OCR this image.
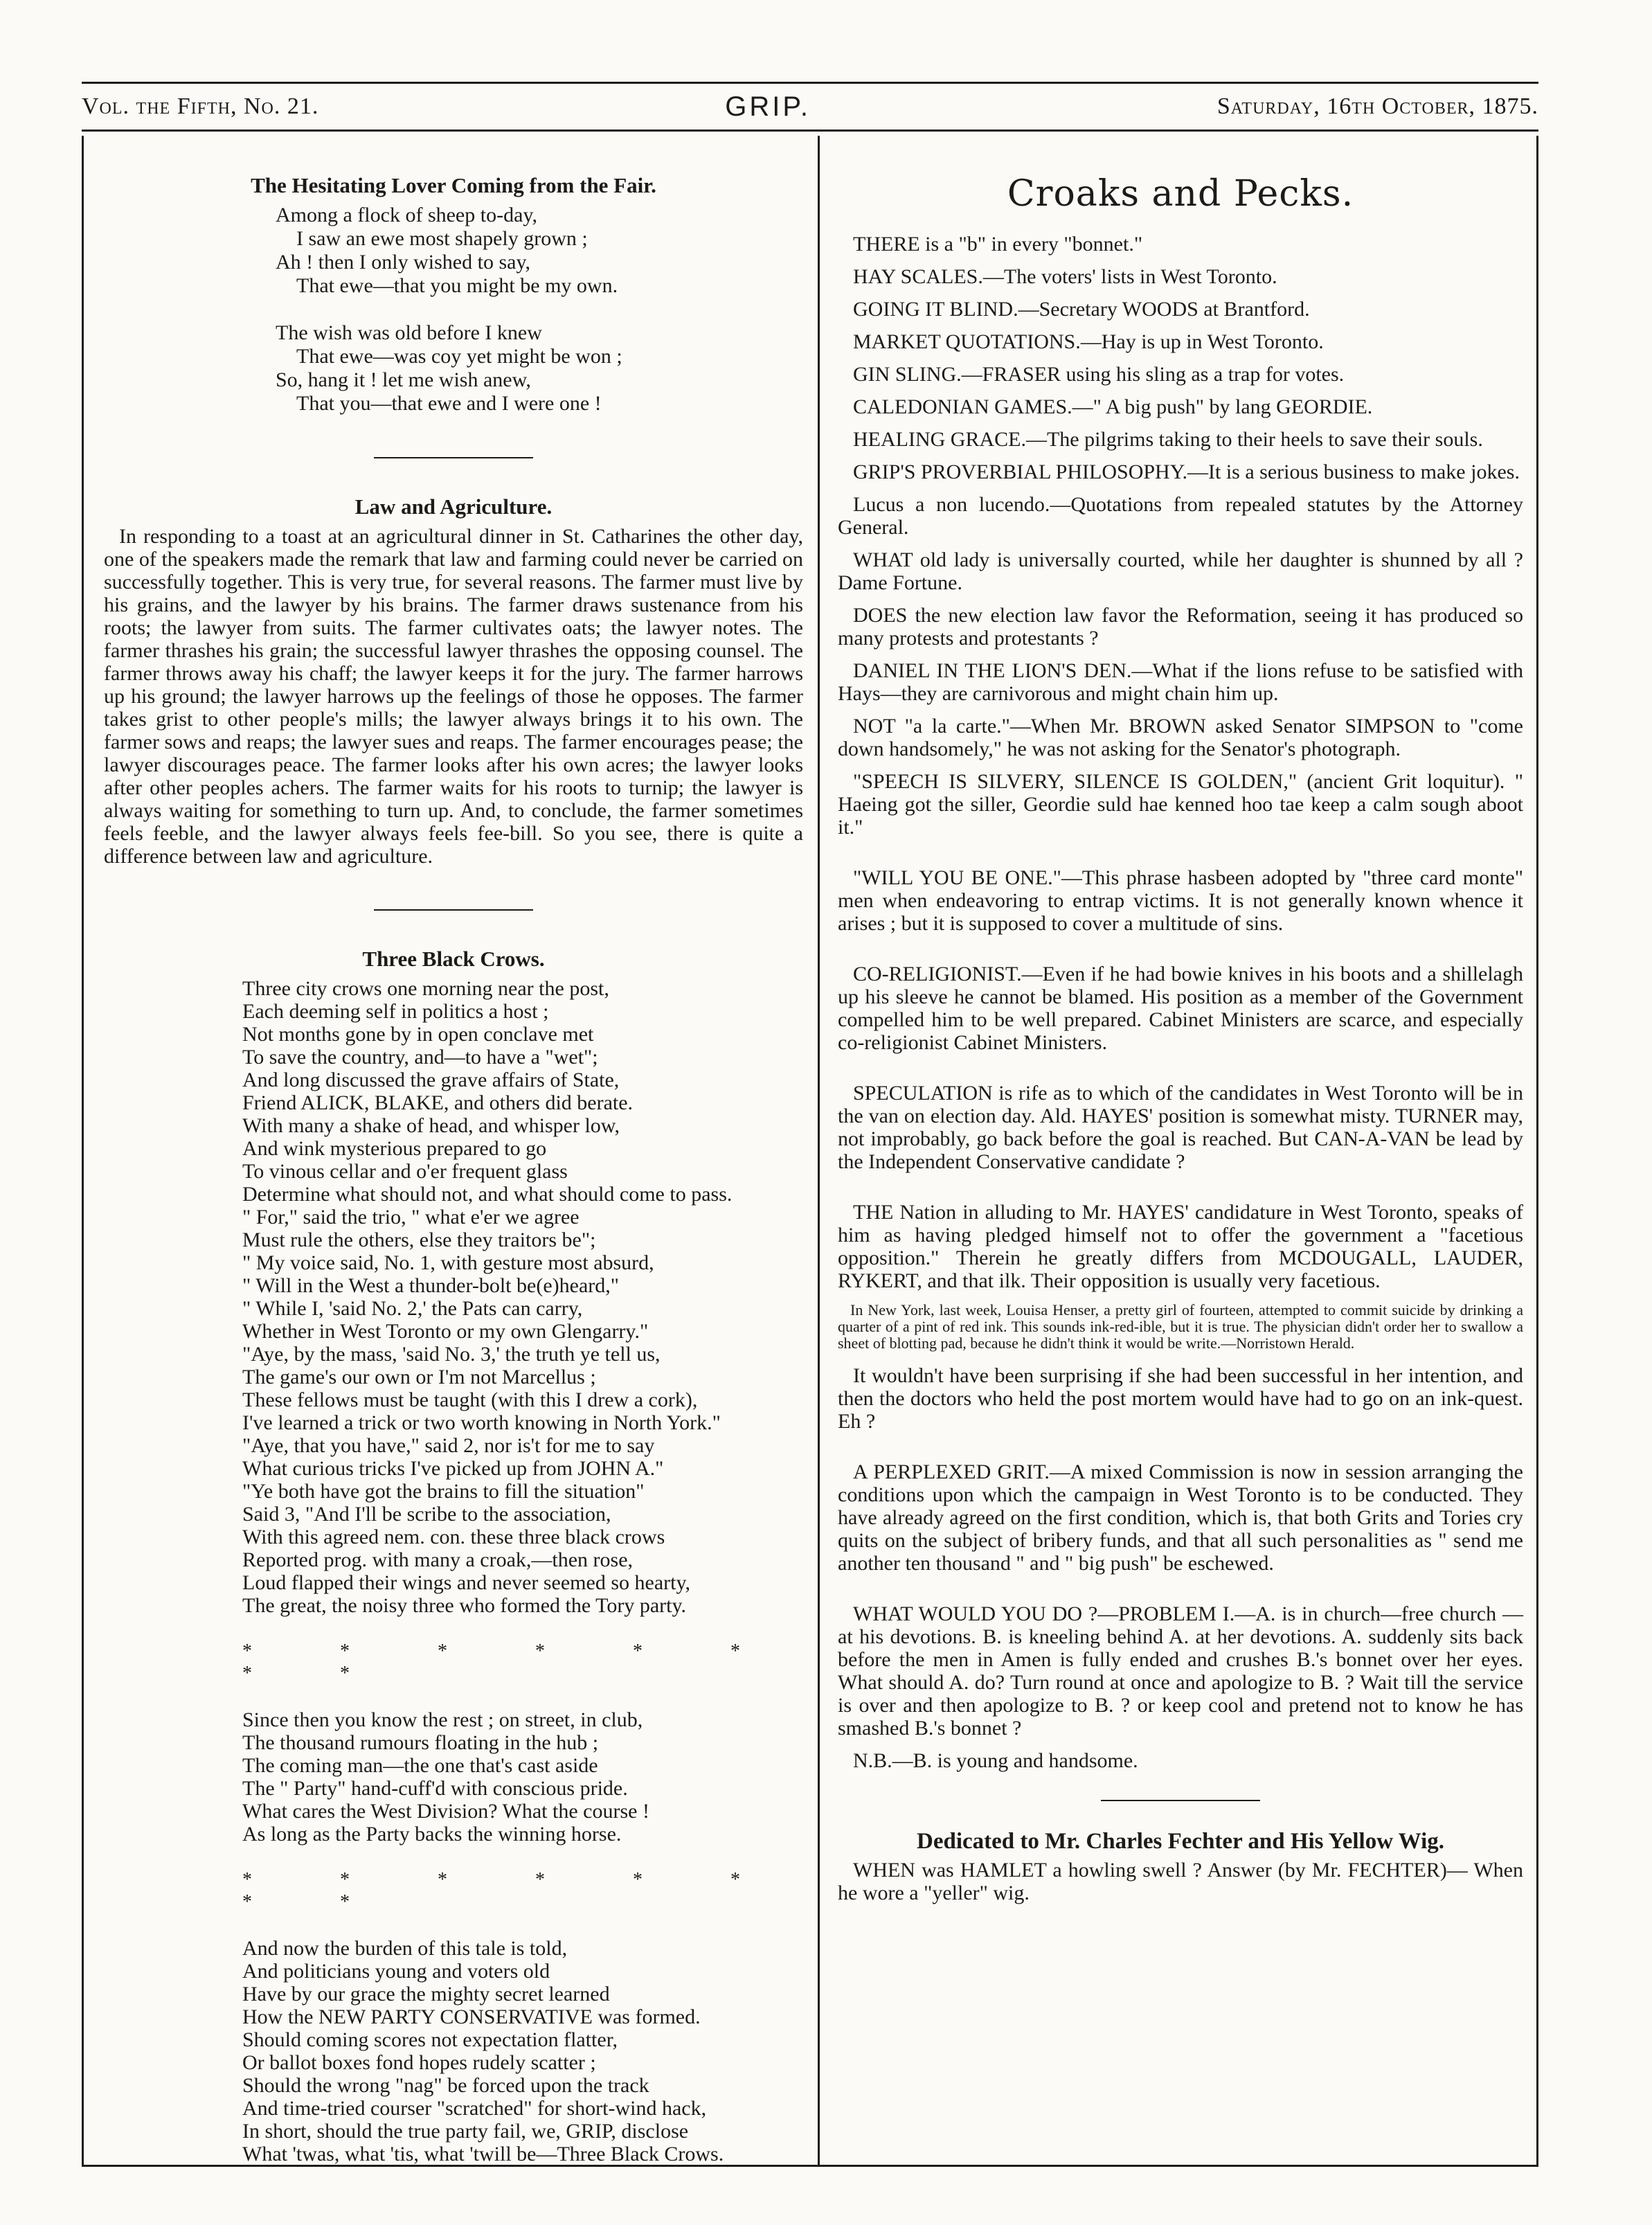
Vol. the Fifth, No. 21.	GRIP.	Saturday, 16th October, 1875.
The Hesitating Lover Coming from the Fair.
Among a flock of sheep to-day,
I saw an ewe most shapely grown ;
Ah ! then I only wished to say,
That ewe—that you might be my own.
The wish was old before I knew
That ewe—was coy yet might be won ;
So, hang it ! let me wish anew,
That you—that ewe and I were one !
Law and Agriculture.

In responding to a toast at an agricultural dinner in St. Catharines the other day, one of the speakers made the remark that law and farming could never be carried on successfully together. This is very true, for several reasons. The farmer must live by his grains, and the lawyer by his brains. The farmer draws sustenance from his roots; the lawyer from suits. The farmer cultivates oats; the lawyer notes. The farmer thrashes his grain; the successful lawyer thrashes the opposing counsel. The farmer throws away his chaff; the lawyer keeps it for the jury. The farmer harrows up his ground; the lawyer harrows up the feelings of those he opposes. The farmer takes grist to other people's mills; the lawyer always brings it to his own. The farmer sows and reaps; the lawyer sues and reaps. The farmer encourages pease; the lawyer discourages peace. The farmer looks after his own acres; the lawyer looks after other peoples achers. The farmer waits for his roots to turnip; the lawyer is always waiting for something to turn up. And, to conclude, the farmer sometimes feels feeble, and the lawyer always feels fee-bill. So you see, there is quite a difference between law and agriculture.

Three Black Crows.
Three city crows one morning near the post,
Each deeming self in politics a host ;
Not months gone by in open conclave met
To save the country, and—to have a "wet";
And long discussed the grave affairs of State,
Friend ALICK, BLAKE, and others did berate.
With many a shake of head, and whisper low,
And wink mysterious prepared to go
To vinous cellar and o'er frequent glass
Determine what should not, and what should come to pass.
" For," said the trio, " what e'er we agree
Must rule the others, else they traitors be";
" My voice said, No. 1, with gesture most absurd,
" Will in the West a thunder-bolt be(e)heard,"
" While I, 'said No. 2,' the Pats can carry,
Whether in West Toronto or my own Glengarry."
"Aye, by the mass, 'said No. 3,' the truth ye tell us,
The game's our own or I'm not Marcellus ;
These fellows must be taught (with this I drew a cork),
I've learned a trick or two worth knowing in North York."
"Aye, that you have," said 2, nor is't for me to say
What curious tricks I've picked up from JOHN A."
"Ye both have got the brains to fill the situation"
Said 3, "And I'll be scribe to the association,
With this agreed nem. con. these three black crows
Reported prog. with many a croak,—then rose,
Loud flapped their wings and never seemed so hearty,
The great, the noisy three who formed the Tory party.
* * * * * * * *
Since then you know the rest ; on street, in club,
The thousand rumours floating in the hub ;
The coming man—the one that's cast aside
The " Party" hand-cuff'd with conscious pride.
What cares the West Division? What the course !
As long as the Party backs the winning horse.
* * * * * * * *
And now the burden of this tale is told,
And politicians young and voters old
Have by our grace the mighty secret learned
How the NEW PARTY CONSERVATIVE was formed.
Should coming scores not expectation flatter,
Or ballot boxes fond hopes rudely scatter ;
Should the wrong "nag" be forced upon the track
And time-tried courser "scratched" for short-wind hack,
In short, should the true party fail, we, GRIP, disclose
What 'twas, what 'tis, what 'twill be—Three Black Crows.
Croaks and Pecks.

THERE is a "b" in every "bonnet."

HAY SCALES.—The voters' lists in West Toronto.

GOING IT BLIND.—Secretary WOODS at Brantford.

MARKET QUOTATIONS.—Hay is up in West Toronto.

GIN SLING.—FRASER using his sling as a trap for votes.

CALEDONIAN GAMES.—" A big push" by lang GEORDIE.

HEALING GRACE.—The pilgrims taking to their heels to save their souls.

GRIP'S PROVERBIAL PHILOSOPHY.—It is a serious business to make jokes.

Lucus a non lucendo.—Quotations from repealed statutes by the Attorney General.

WHAT old lady is universally courted, while her daughter is shunned by all ? Dame Fortune.

DOES the new election law favor the Reformation, seeing it has produced so many protests and protestants ?

DANIEL IN THE LION'S DEN.—What if the lions refuse to be satisfied with Hays—they are carnivorous and might chain him up.

NOT "a la carte."—When Mr. BROWN asked Senator SIMPSON to "come down handsomely," he was not asking for the Senator's photograph.

"SPEECH IS SILVERY, SILENCE IS GOLDEN," (ancient Grit loquitur). " Haeing got the siller, Geordie suld hae kenned hoo tae keep a calm sough aboot it."

"WILL YOU BE ONE."—This phrase hasbeen adopted by "three card monte" men when endeavoring to entrap victims. It is not generally known whence it arises ; but it is supposed to cover a multitude of sins.

CO-RELIGIONIST.—Even if he had bowie knives in his boots and a shillelagh up his sleeve he cannot be blamed. His position as a member of the Government compelled him to be well prepared. Cabinet Ministers are scarce, and especially co-religionist Cabinet Ministers.

SPECULATION is rife as to which of the candidates in West Toronto will be in the van on election day. Ald. HAYES' position is somewhat misty. TURNER may, not improbably, go back before the goal is reached. But CAN-A-VAN be lead by the Independent Conservative candidate ?

THE Nation in alluding to Mr. HAYES' candidature in West Toronto, speaks of him as having pledged himself not to offer the government a "facetious opposition." Therein he greatly differs from MCDOUGALL, LAUDER, RYKERT, and that ilk. Their opposition is usually very facetious.

In New York, last week, Louisa Henser, a pretty girl of fourteen, attempted to commit suicide by drinking a quarter of a pint of red ink. This sounds ink-red-ible, but it is true. The physician didn't order her to swallow a sheet of blotting pad, because he didn't think it would be write.—Norristown Herald.

It wouldn't have been surprising if she had been successful in her intention, and then the doctors who held the post mortem would have had to go on an ink-quest. Eh ?

A PERPLEXED GRIT.—A mixed Commission is now in session arranging the conditions upon which the campaign in West Toronto is to be conducted. They have already agreed on the first condition, which is, that both Grits and Tories cry quits on the subject of bribery funds, and that all such personalities as " send me another ten thousand " and " big push" be eschewed.

WHAT WOULD YOU DO ?—PROBLEM I.—A. is in church—free church —at his devotions. B. is kneeling behind A. at her devotions. A. suddenly sits back before the men in Amen is fully ended and crushes B.'s bonnet over her eyes. What should A. do? Turn round at once and apologize to B. ? Wait till the service is over and then apologize to B. ? or keep cool and pretend not to know he has smashed B.'s bonnet ?

N.B.—B. is young and handsome.

Dedicated to Mr. Charles Fechter and His Yellow Wig.

WHEN was HAMLET a howling swell ? Answer (by Mr. FECHTER)— When he wore a "yeller" wig.
